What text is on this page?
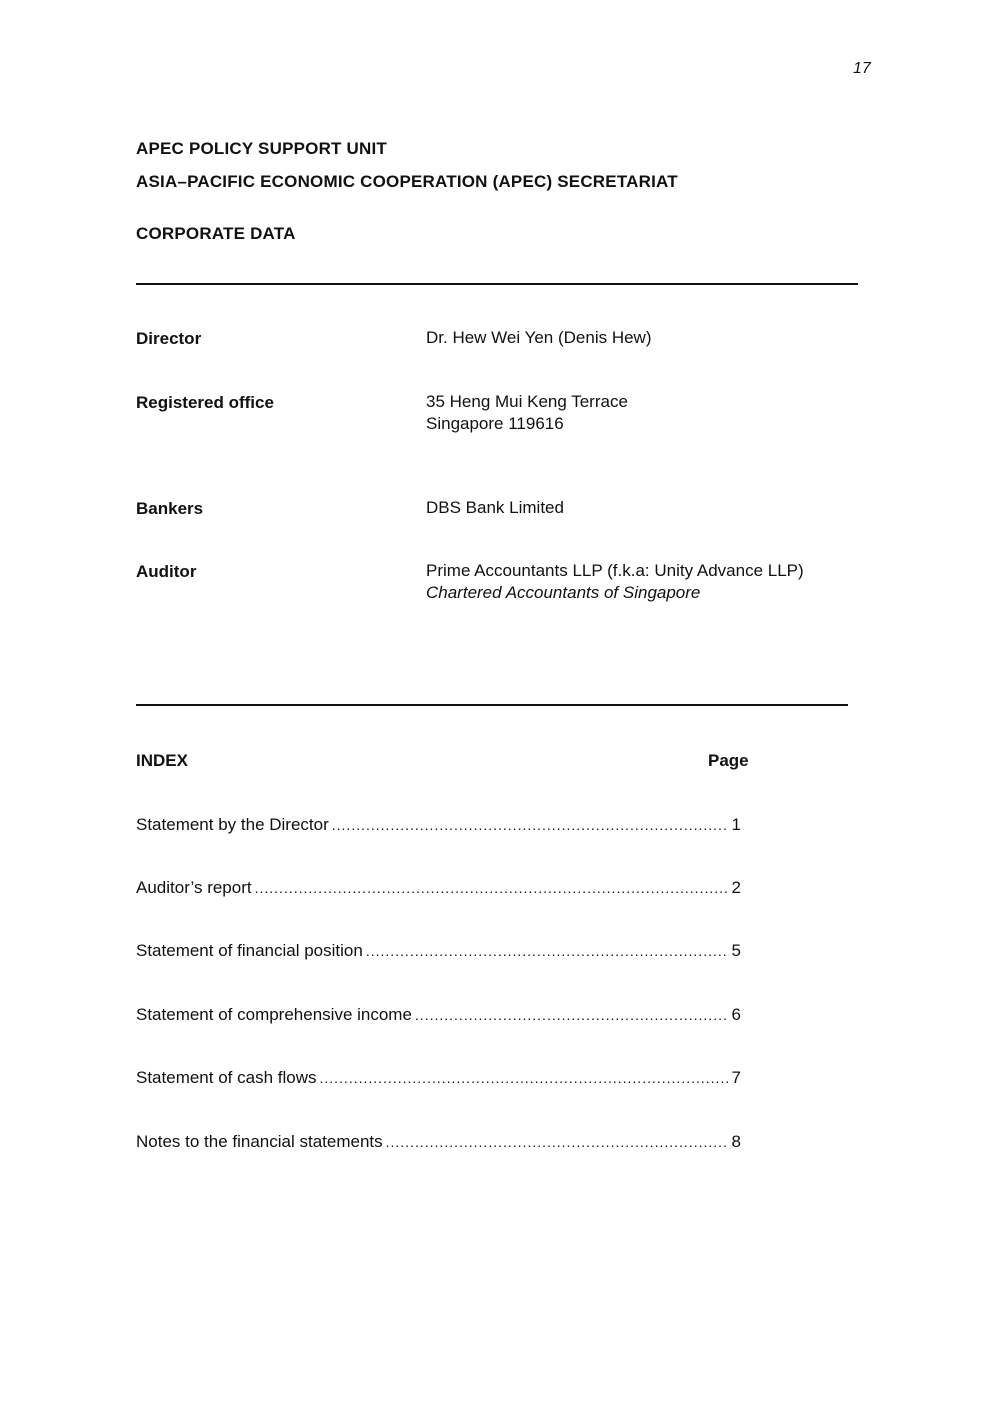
17
APEC POLICY SUPPORT UNIT
ASIA–PACIFIC ECONOMIC COOPERATION (APEC) SECRETARIAT
CORPORATE DATA
Director	Dr. Hew Wei Yen (Denis Hew)
Registered office	35 Heng Mui Keng Terrace
Singapore 119616
Bankers	DBS Bank Limited
Auditor	Prime Accountants LLP (f.k.a: Unity Advance LLP)
Chartered Accountants of Singapore
INDEX	Page
Statement by the Director .....	1
Auditor’s report .....	2
Statement of financial position .....	5
Statement of comprehensive income .....	6
Statement of cash flows .....	7
Notes to the financial statements .....	8
